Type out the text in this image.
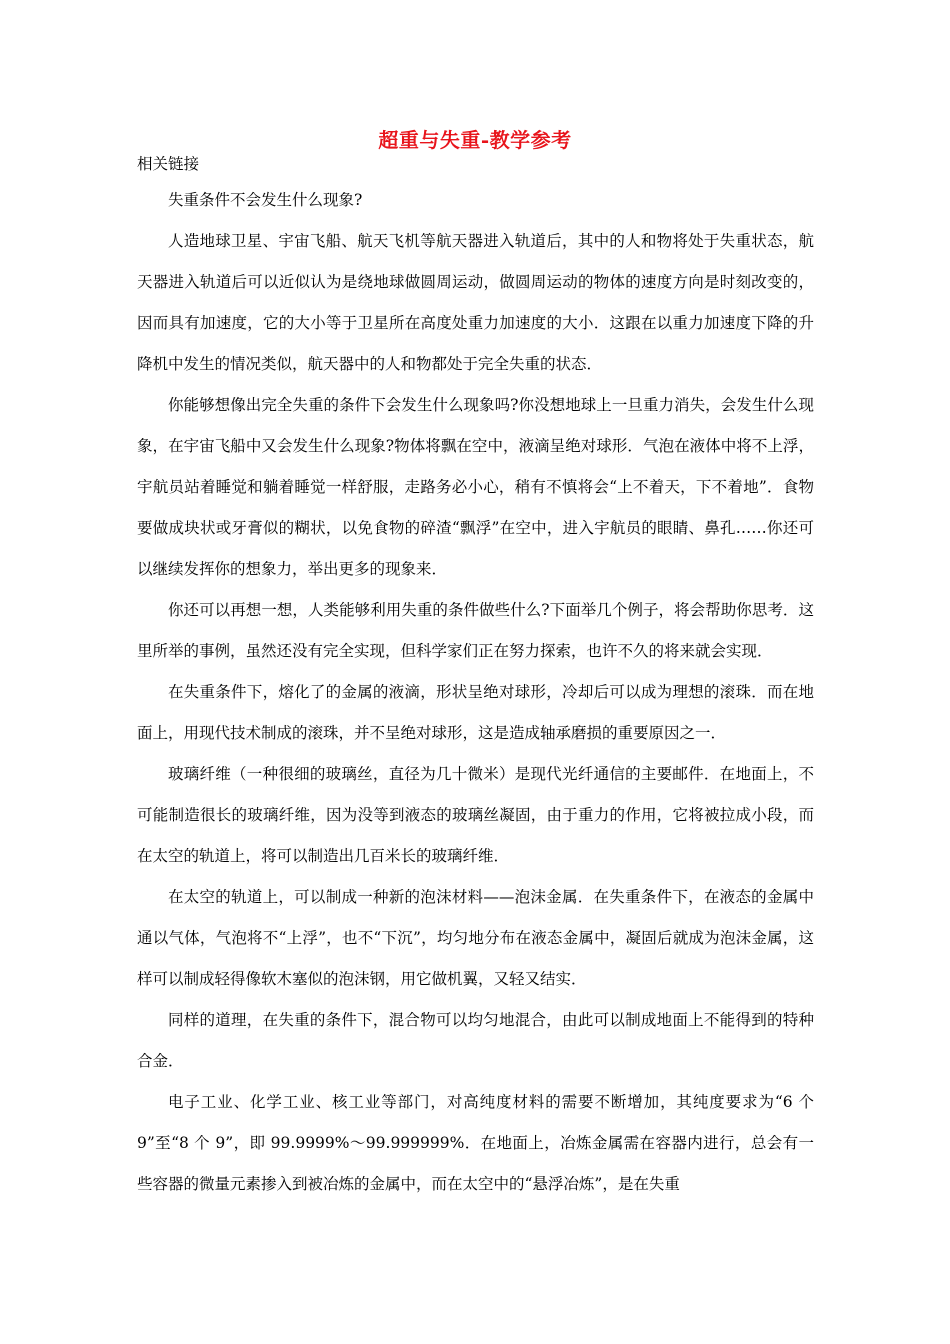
超重与失重-教学参考

相关链接

失重条件不会发生什么现象?

人造地球卫星、宇宙飞船、航天飞机等航天器进入轨道后，其中的人和物将处于失重状态，航天器进入轨道后可以近似认为是绕地球做圆周运动，做圆周运动的物体的速度方向是时刻改变的，因而具有加速度，它的大小等于卫星所在高度处重力加速度的大小．这跟在以重力加速度下降的升降机中发生的情况类似，航天器中的人和物都处于完全失重的状态．

你能够想像出完全失重的条件下会发生什么现象吗?你没想地球上一旦重力消失，会发生什么现象，在宇宙飞船中又会发生什么现象?物体将飘在空中，液滴呈绝对球形．气泡在液体中将不上浮，宇航员站着睡觉和躺着睡觉一样舒服，走路务必小心，稍有不慎将会“上不着天，下不着地”．食物要做成块状或牙膏似的糊状，以免食物的碎渣“飘浮”在空中，进入宇航员的眼睛、鼻孔……你还可以继续发挥你的想象力，举出更多的现象来．

你还可以再想一想，人类能够利用失重的条件做些什么?下面举几个例子，将会帮助你思考．这里所举的事例，虽然还没有完全实现，但科学家们正在努力探索，也许不久的将来就会实现．

在失重条件下，熔化了的金属的液滴，形状呈绝对球形，冷却后可以成为理想的滚珠．而在地面上，用现代技术制成的滚珠，并不呈绝对球形，这是造成轴承磨损的重要原因之一．

玻璃纤维（一种很细的玻璃丝，直径为几十微米）是现代光纤通信的主要邮件．在地面上，不可能制造很长的玻璃纤维，因为没等到液态的玻璃丝凝固，由于重力的作用，它将被拉成小段，而在太空的轨道上，将可以制造出几百米长的玻璃纤维．

在太空的轨道上，可以制成一种新的泡沫材料——泡沫金属．在失重条件下，在液态的金属中通以气体，气泡将不“上浮”，也不“下沉”，均匀地分布在液态金属中，凝固后就成为泡沫金属，这样可以制成轻得像软木塞似的泡沫钢，用它做机翼，又轻又结实．

同样的道理，在失重的条件下，混合物可以均匀地混合，由此可以制成地面上不能得到的特种合金．

电子工业、化学工业、核工业等部门，对高纯度材料的需要不断增加，其纯度要求为“6 个 9”至“8 个 9”，即 99.9999%～99.999999%．在地面上，冶炼金属需在容器内进行，总会有一些容器的微量元素掺入到被冶炼的金属中，而在太空中的“悬浮冶炼”，是在失重
